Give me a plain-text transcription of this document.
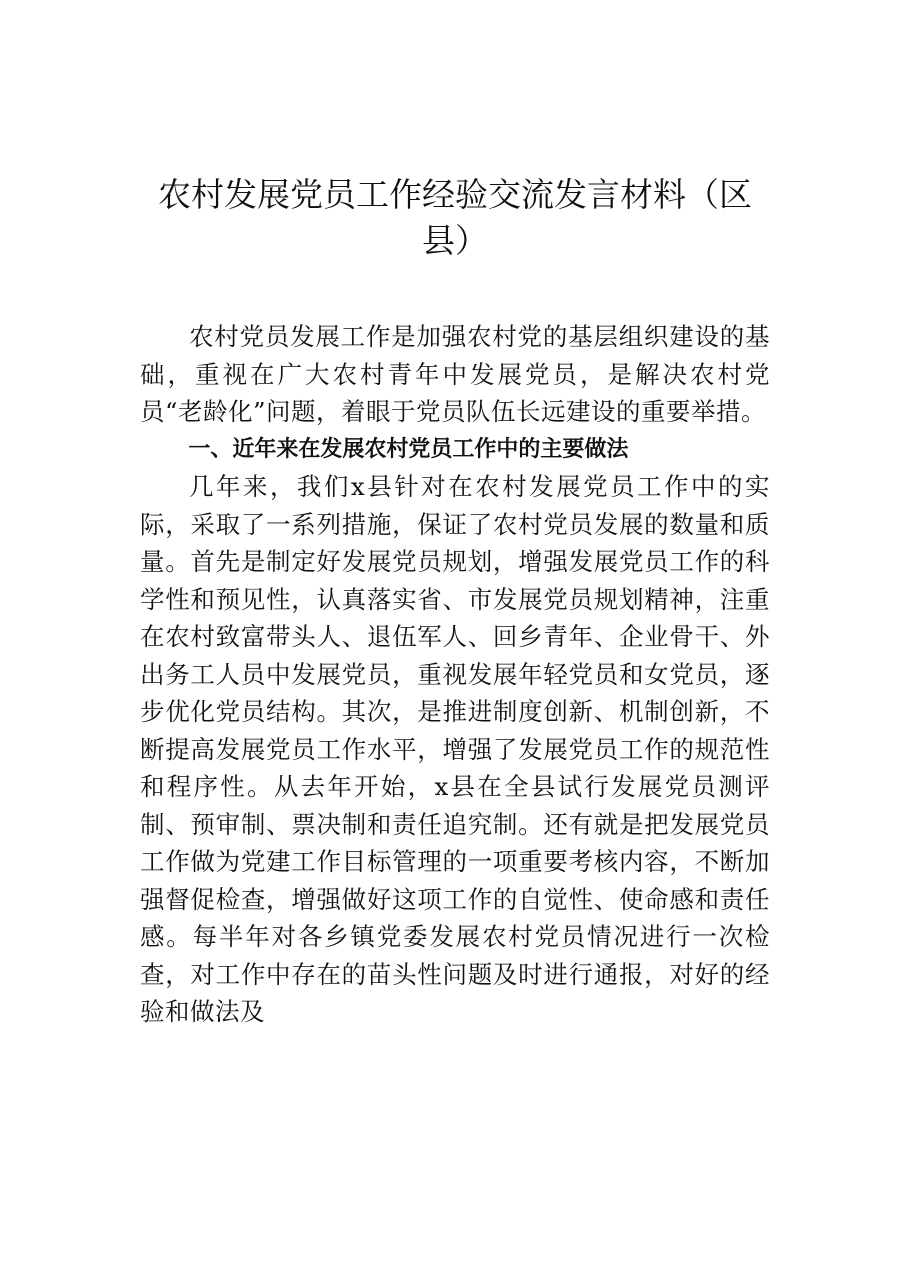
农村发展党员工作经验交流发言材料（区县）

农村党员发展工作是加强农村党的基层组织建设的基础，重视在广大农村青年中发展党员，是解决农村党员“老龄化”问题，着眼于党员队伍长远建设的重要举措。

一、近年来在发展农村党员工作中的主要做法

几年来，我们x县针对在农村发展党员工作中的实际，采取了一系列措施，保证了农村党员发展的数量和质量。首先是制定好发展党员规划，增强发展党员工作的科学性和预见性，认真落实省、市发展党员规划精神，注重在农村致富带头人、退伍军人、回乡青年、企业骨干、外出务工人员中发展党员，重视发展年轻党员和女党员，逐步优化党员结构。其次，是推进制度创新、机制创新，不断提高发展党员工作水平，增强了发展党员工作的规范性和程序性。从去年开始，x县在全县试行发展党员测评制、预审制、票决制和责任追究制。还有就是把发展党员工作做为党建工作目标管理的一项重要考核内容，不断加强督促检查，增强做好这项工作的自觉性、使命感和责任感。每半年对各乡镇党委发展农村党员情况进行一次检查，对工作中存在的苗头性问题及时进行通报，对好的经验和做法及
